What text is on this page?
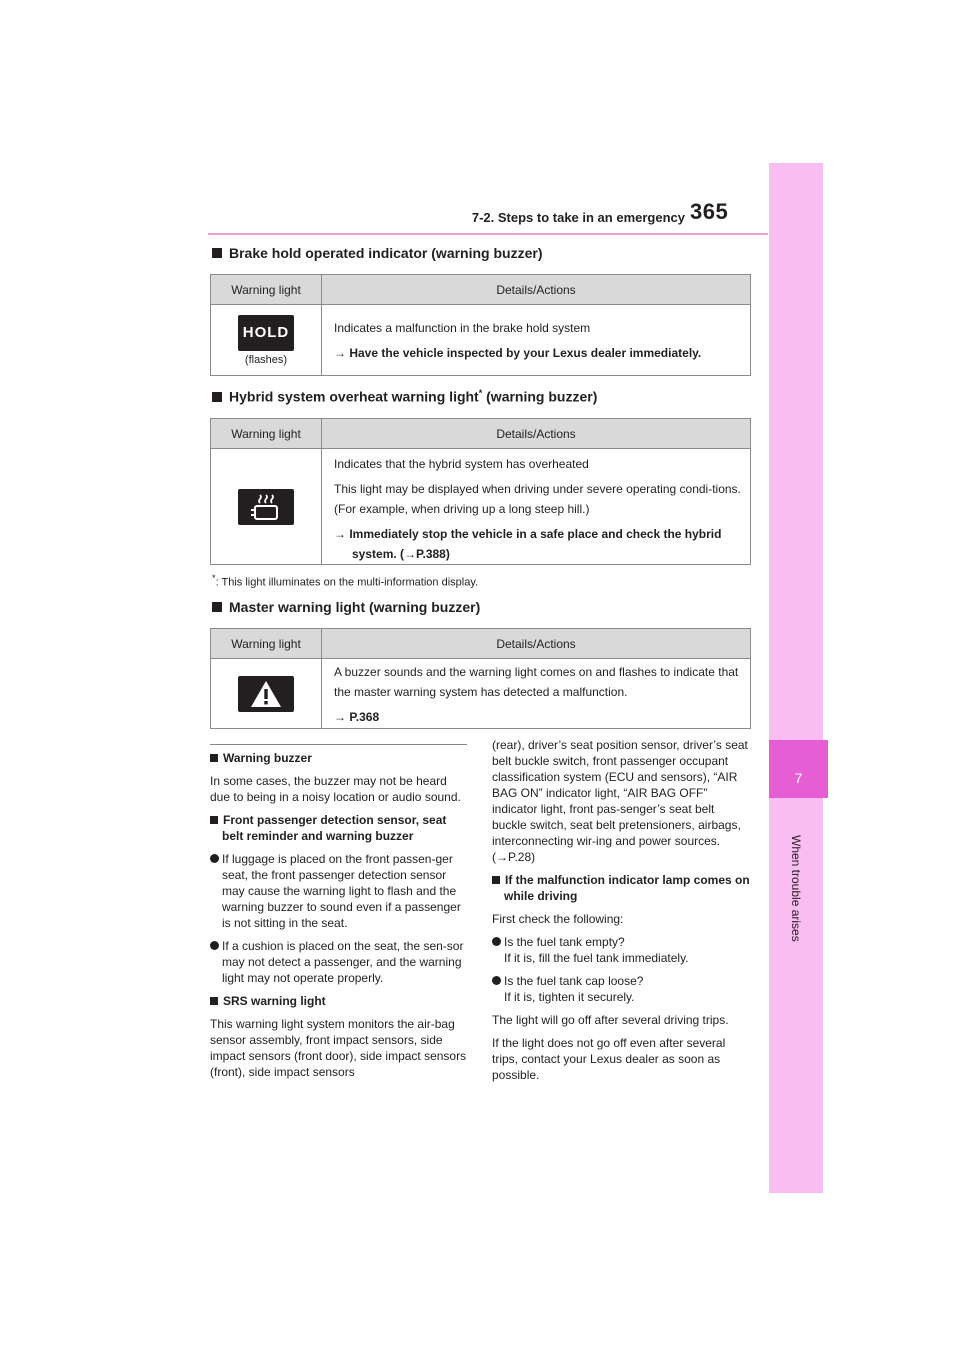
7-2. Steps to take in an emergency 365
7
When trouble arises
Brake hold operated indicator (warning buzzer)
Warning light	Details/Actions
HOLD
(flashes)

Indicates a malfunction in the brake hold system

→ Have the vehicle inspected by your Lexus dealer immediately.

Hybrid system overheat warning light* (warning buzzer)
Warning light	Details/Actions

Indicates that the hybrid system has overheated

This light may be displayed when driving under severe operating condi-tions. (For example, when driving up a long steep hill.)

→ Immediately stop the vehicle in a safe place and check the hybrid system. (→P.388)

*: This light illuminates on the multi-information display.
Master warning light (warning buzzer)
Warning light	Details/Actions

A buzzer sounds and the warning light comes on and flashes to indicate that the master warning system has detected a malfunction.

→ P.368

Warning buzzer

In some cases, the buzzer may not be heard due to being in a noisy location or audio sound.

Front passenger detection sensor, seat belt reminder and warning buzzer

If luggage is placed on the front passen-ger seat, the front passenger detection sensor may cause the warning light to flash and the warning buzzer to sound even if a passenger is not sitting in the seat.

If a cushion is placed on the seat, the sen-sor may not detect a passenger, and the warning light may not operate properly.

SRS warning light

This warning light system monitors the air-bag sensor assembly, front impact sensors, side impact sensors (front door), side impact sensors (front), side impact sensors

(rear), driver’s seat position sensor, driver’s seat belt buckle switch, front passenger occupant classification system (ECU and sensors), “AIR BAG ON” indicator light, “AIR BAG OFF” indicator light, front pas-senger’s seat belt buckle switch, seat belt pretensioners, airbags, interconnecting wir-ing and power sources. (→P.28)

If the malfunction indicator lamp comes on while driving

First check the following:

Is the fuel tank empty?
If it is, fill the fuel tank immediately.

Is the fuel tank cap loose?
If it is, tighten it securely.

The light will go off after several driving trips.

If the light does not go off even after several trips, contact your Lexus dealer as soon as possible.
